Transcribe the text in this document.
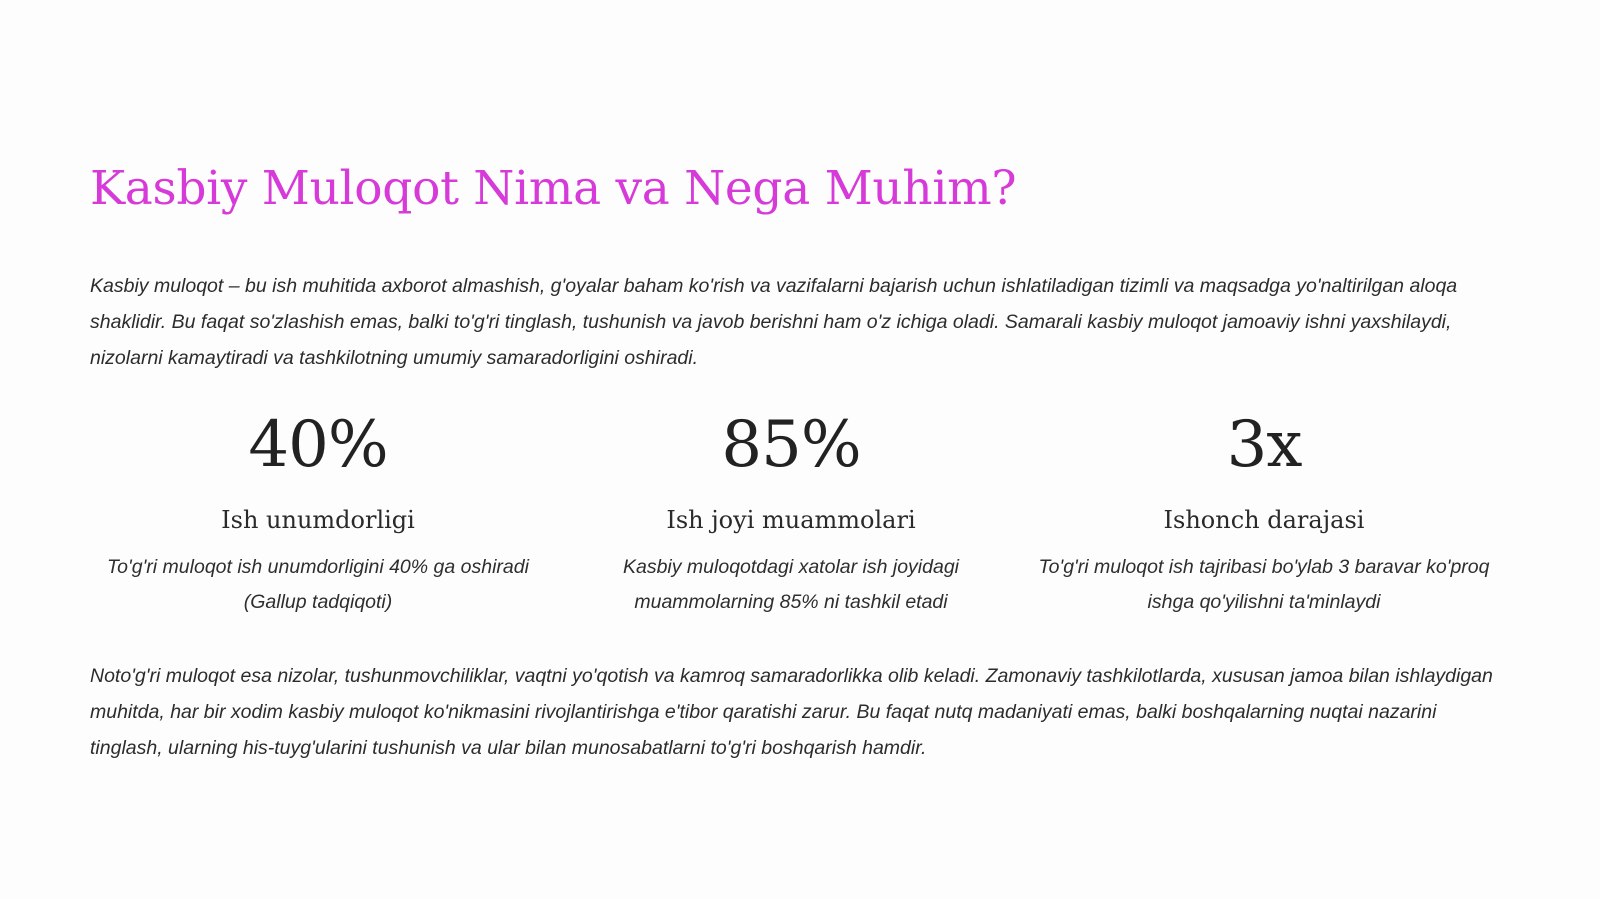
Kasbiy Muloqot Nima va Nega Muhim?

Kasbiy muloqot – bu ish muhitida axborot almashish, g'oyalar baham ko'rish va vazifalarni bajarish uchun ishlatiladigan tizimli va maqsadga yo'naltirilgan aloqa shaklidir. Bu faqat so'zlashish emas, balki to'g'ri tinglash, tushunish va javob berishni ham o'z ichiga oladi. Samarali kasbiy muloqot jamoaviy ishni yaxshilaydi, nizolarni kamaytiradi va tashkilotning umumiy samaradorligini oshiradi.

40%
Ish unumdorligi
To'g'ri muloqot ish unumdorligini 40% ga oshiradi (Gallup tadqiqoti)
85%
Ish joyi muammolari
Kasbiy muloqotdagi xatolar ish joyidagi muammolarning 85% ni tashkil etadi
3x
Ishonch darajasi
To'g'ri muloqot ish tajribasi bo'ylab 3 baravar ko'proq ishga qo'yilishni ta'minlaydi

Noto'g'ri muloqot esa nizolar, tushunmovchiliklar, vaqtni yo'qotish va kamroq samaradorlikka olib keladi. Zamonaviy tashkilotlarda, xususan jamoa bilan ishlaydigan muhitda, har bir xodim kasbiy muloqot ko'nikmasini rivojlantirishga e'tibor qaratishi zarur. Bu faqat nutq madaniyati emas, balki boshqalarning nuqtai nazarini tinglash, ularning his-tuyg'ularini tushunish va ular bilan munosabatlarni to'g'ri boshqarish hamdir.
